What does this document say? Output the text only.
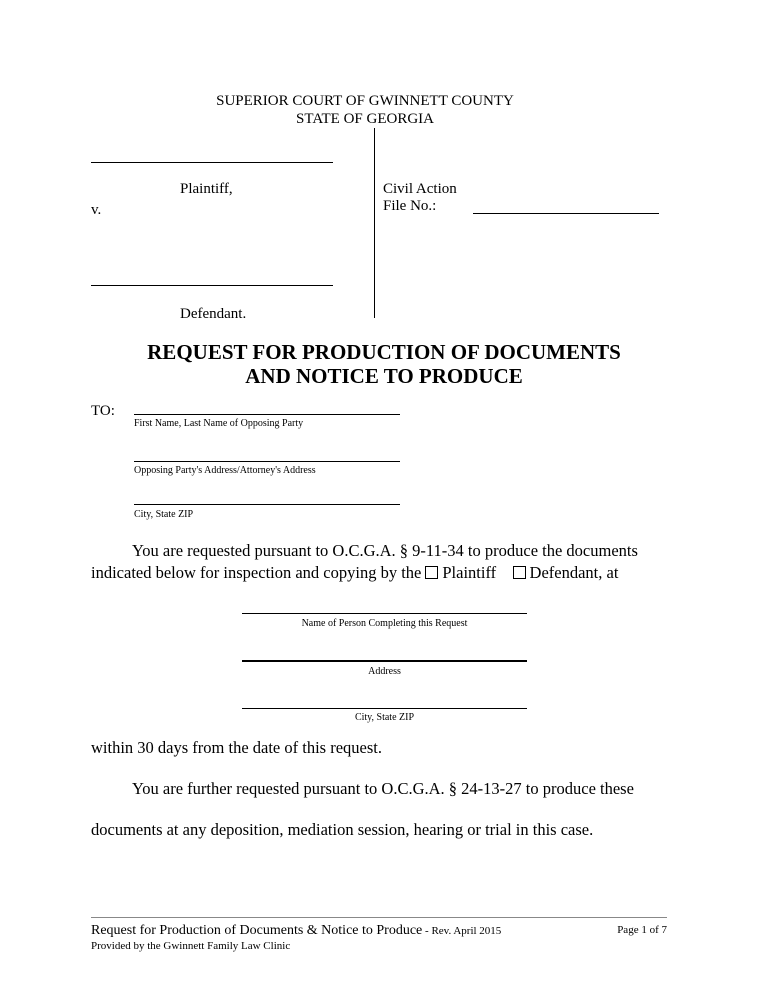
SUPERIOR COURT OF GWINNETT COUNTY
STATE OF GEORGIA
Plaintiff,
v.
Defendant.
Civil Action
File No.:
REQUEST FOR PRODUCTION OF DOCUMENTS
AND NOTICE TO PRODUCE
TO:
First Name, Last Name of Opposing Party
Opposing Party's Address/Attorney's Address
City, State ZIP
You are requested pursuant to O.C.G.A. § 9-11-34 to produce the documents
indicated below for inspection and copying by the Plaintiff Defendant, at
Name of Person Completing this Request
Address
City, State ZIP
within 30 days from the date of this request.
You are further requested pursuant to O.C.G.A. § 24-13-27 to produce these
documents at any deposition, mediation session, hearing or trial in this case.
Request for Production of Documents & Notice to Produce - Rev. April 2015
Provided by the Gwinnett Family Law Clinic
Page 1 of 7
